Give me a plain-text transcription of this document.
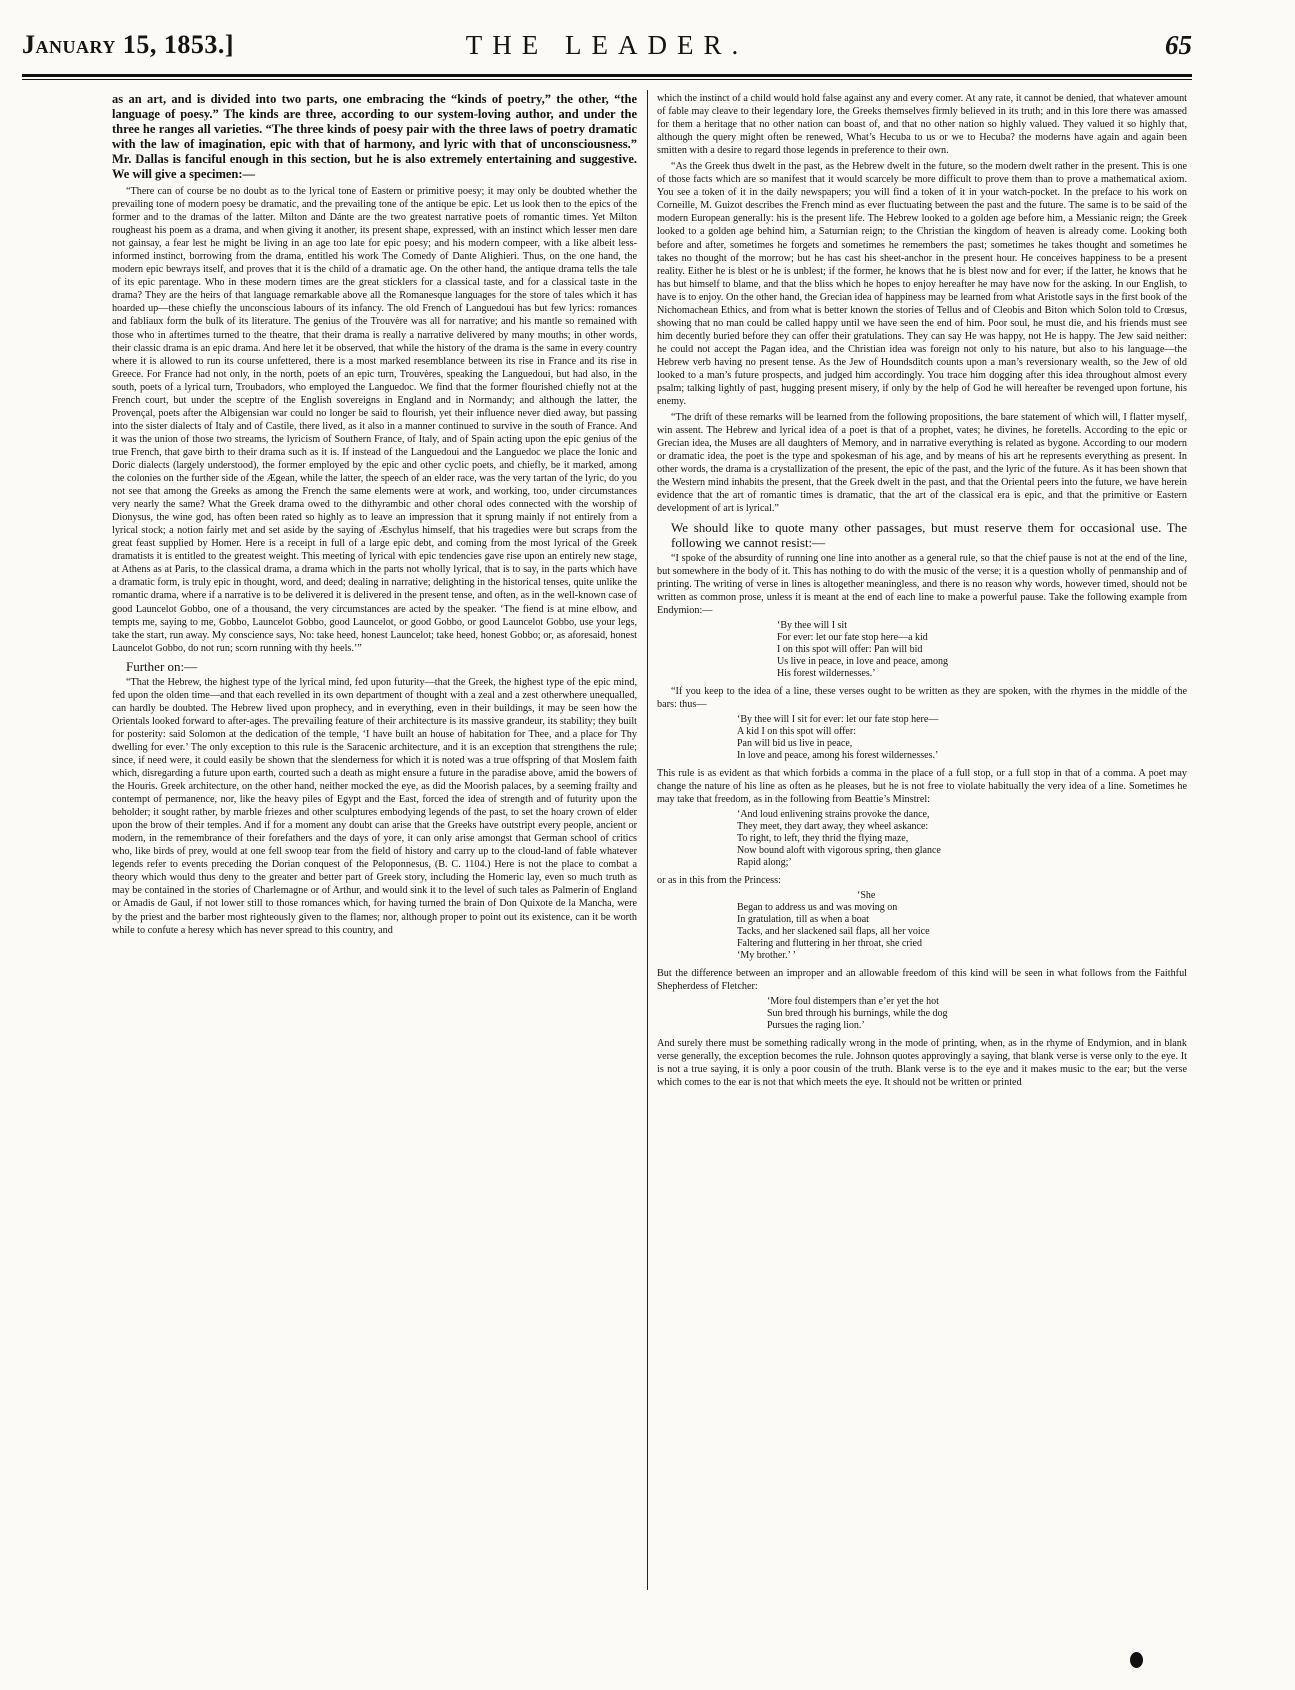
January 15, 1853.]	THE LEADER.	65

as an art, and is divided into two parts, one embracing the “kinds of poetry,” the other, “the language of poesy.” The kinds are three, according to our system-loving author, and under the three he ranges all varieties. “The three kinds of poesy pair with the three laws of poetry dramatic with the law of imagination, epic with that of harmony, and lyric with that of unconsciousness.” Mr. Dallas is fanciful enough in this section, but he is also extremely entertaining and suggestive. We will give a specimen:—

“There can of course be no doubt as to the lyrical tone of Eastern or primitive poesy; it may only be doubted whether the prevailing tone of modern poesy be dramatic, and the prevailing tone of the antique be epic. Let us look then to the epics of the former and to the dramas of the latter. Milton and Dánte are the two greatest narrative poets of romantic times. Yet Milton rougheast his poem as a drama, and when giving it another, its present shape, expressed, with an instinct which lesser men dare not gainsay, a fear lest he might be living in an age too late for epic poesy; and his modern compeer, with a like albeit less-informed instinct, borrowing from the drama, entitled his work The Comedy of Dante Alighieri. Thus, on the one hand, the modern epic bewrays itself, and proves that it is the child of a dramatic age. On the other hand, the antique drama tells the tale of its epic parentage. Who in these modern times are the great sticklers for a classical taste, and for a classical taste in the drama? They are the heirs of that language remarkable above all the Romanesque languages for the store of tales which it has hoarded up—these chiefly the unconscious labours of its infancy. The old French of Languedoui has but few lyrics: romances and fabliaux form the bulk of its literature. The genius of the Trouvère was all for narrative; and his mantle so remained with those who in aftertimes turned to the theatre, that their drama is really a narrative delivered by many mouths; in other words, their classic drama is an epic drama. And here let it be observed, that while the history of the drama is the same in every country where it is allowed to run its course unfettered, there is a most marked resemblance between its rise in France and its rise in Greece. For France had not only, in the north, poets of an epic turn, Trouvères, speaking the Languedoui, but had also, in the south, poets of a lyrical turn, Troubadors, who employed the Languedoc. We find that the former flourished chiefly not at the French court, but under the sceptre of the English sovereigns in England and in Normandy; and although the latter, the Provençal, poets after the Albigensian war could no longer be said to flourish, yet their influence never died away, but passing into the sister dialects of Italy and of Castile, there lived, as it also in a manner continued to survive in the south of France. And it was the union of those two streams, the lyricism of Southern France, of Italy, and of Spain acting upon the epic genius of the true French, that gave birth to their drama such as it is. If instead of the Languedoui and the Languedoc we place the Ionic and Doric dialects (largely understood), the former employed by the epic and other cyclic poets, and chiefly, be it marked, among the colonies on the further side of the Ægean, while the latter, the speech of an elder race, was the very tartan of the lyric, do you not see that among the Greeks as among the French the same elements were at work, and working, too, under circumstances very nearly the same? What the Greek drama owed to the dithyrambic and other choral odes connected with the worship of Dionysus, the wine god, has often been rated so highly as to leave an impression that it sprung mainly if not entirely from a lyrical stock; a notion fairly met and set aside by the saying of Æschylus himself, that his tragedies were but scraps from the great feast supplied by Homer. Here is a receipt in full of a large epic debt, and coming from the most lyrical of the Greek dramatists it is entitled to the greatest weight. This meeting of lyrical with epic tendencies gave rise upon an entirely new stage, at Athens as at Paris, to the classical drama, a drama which in the parts not wholly lyrical, that is to say, in the parts which have a dramatic form, is truly epic in thought, word, and deed; dealing in narrative; delighting in the historical tenses, quite unlike the romantic drama, where if a narrative is to be delivered it is delivered in the present tense, and often, as in the well-known case of good Launcelot Gobbo, one of a thousand, the very circumstances are acted by the speaker. ‘The fiend is at mine elbow, and tempts me, saying to me, Gobbo, Launcelot Gobbo, good Launcelot, or good Gobbo, or good Launcelot Gobbo, use your legs, take the start, run away. My conscience says, No: take heed, honest Launcelot; take heed, honest Gobbo; or, as aforesaid, honest Launcelot Gobbo, do not run; scorn running with thy heels.’”

Further on:—

“That the Hebrew, the highest type of the lyrical mind, fed upon futurity—that the Greek, the highest type of the epic mind, fed upon the olden time—and that each revelled in its own department of thought with a zeal and a zest otherwhere unequalled, can hardly be doubted. The Hebrew lived upon prophecy, and in everything, even in their buildings, it may be seen how the Orientals looked forward to after-ages. The prevailing feature of their architecture is its massive grandeur, its stability; they built for posterity: said Solomon at the dedication of the temple, ‘I have built an house of habitation for Thee, and a place for Thy dwelling for ever.’ The only exception to this rule is the Saracenic architecture, and it is an exception that strengthens the rule; since, if need were, it could easily be shown that the slenderness for which it is noted was a true offspring of that Moslem faith which, disregarding a future upon earth, courted such a death as might ensure a future in the paradise above, amid the bowers of the Houris. Greek architecture, on the other hand, neither mocked the eye, as did the Moorish palaces, by a seeming frailty and contempt of permanence, nor, like the heavy piles of Egypt and the East, forced the idea of strength and of futurity upon the beholder; it sought rather, by marble friezes and other sculptures embodying legends of the past, to set the hoary crown of elder upon the brow of their temples. And if for a moment any doubt can arise that the Greeks have outstript every people, ancient or modern, in the remembrance of their forefathers and the days of yore, it can only arise amongst that German school of critics who, like birds of prey, would at one fell swoop tear from the field of history and carry up to the cloud-land of fable whatever legends refer to events preceding the Dorian conquest of the Peloponnesus, (B. C. 1104.) Here is not the place to combat a theory which would thus deny to the greater and better part of Greek story, including the Homeric lay, even so much truth as may be contained in the stories of Charlemagne or of Arthur, and would sink it to the level of such tales as Palmerin of England or Amadis de Gaul, if not lower still to those romances which, for having turned the brain of Don Quixote de la Mancha, were by the priest and the barber most righteously given to the flames; nor, although proper to point out its existence, can it be worth while to confute a heresy which has never spread to this country, and

which the instinct of a child would hold false against any and every comer. At any rate, it cannot be denied, that whatever amount of fable may cleave to their legendary lore, the Greeks themselves firmly believed in its truth; and in this lore there was amassed for them a heritage that no other nation can boast of, and that no other nation so highly valued. They valued it so highly that, although the query might often be renewed, What’s Hecuba to us or we to Hecuba? the moderns have again and again been smitten with a desire to regard those legends in preference to their own.

“As the Greek thus dwelt in the past, as the Hebrew dwelt in the future, so the modern dwelt rather in the present. This is one of those facts which are so manifest that it would scarcely be more difficult to prove them than to prove a mathematical axiom. You see a token of it in the daily newspapers; you will find a token of it in your watch-pocket. In the preface to his work on Corneille, M. Guizot describes the French mind as ever fluctuating between the past and the future. The same is to be said of the modern European generally: his is the present life. The Hebrew looked to a golden age before him, a Messianic reign; the Greek looked to a golden age behind him, a Saturnian reign; to the Christian the kingdom of heaven is already come. Looking both before and after, sometimes he forgets and sometimes he remembers the past; sometimes he takes thought and sometimes he takes no thought of the morrow; but he has cast his sheet-anchor in the present hour. He conceives happiness to be a present reality. Either he is blest or he is unblest; if the former, he knows that he is blest now and for ever; if the latter, he knows that he has but himself to blame, and that the bliss which he hopes to enjoy hereafter he may have now for the asking. In our English, to have is to enjoy. On the other hand, the Grecian idea of happiness may be learned from what Aristotle says in the first book of the Nichomachean Ethics, and from what is better known the stories of Tellus and of Cleobis and Biton which Solon told to Crœsus, showing that no man could be called happy until we have seen the end of him. Poor soul, he must die, and his friends must see him decently buried before they can offer their gratulations. They can say He was happy, not He is happy. The Jew said neither: he could not accept the Pagan idea, and the Christian idea was foreign not only to his nature, but also to his language—the Hebrew verb having no present tense. As the Jew of Houndsditch counts upon a man’s reversionary wealth, so the Jew of old looked to a man’s future prospects, and judged him accordingly. You trace him dogging after this idea throughout almost every psalm; talking lightly of past, hugging present misery, if only by the help of God he will hereafter be revenged upon fortune, his enemy.

“The drift of these remarks will be learned from the following propositions, the bare statement of which will, I flatter myself, win assent. The Hebrew and lyrical idea of a poet is that of a prophet, vates; he divines, he foretells. According to the epic or Grecian idea, the Muses are all daughters of Memory, and in narrative everything is related as bygone. According to our modern or dramatic idea, the poet is the type and spokesman of his age, and by means of his art he represents everything as present. In other words, the drama is a crystallization of the present, the epic of the past, and the lyric of the future. As it has been shown that the Western mind inhabits the present, that the Greek dwelt in the past, and that the Oriental peers into the future, we have herein evidence that the art of romantic times is dramatic, that the art of the classical era is epic, and that the primitive or Eastern development of art is lyrical.”

We should like to quote many other passages, but must reserve them for occasional use. The following we cannot resist:—

“I spoke of the absurdity of running one line into another as a general rule, so that the chief pause is not at the end of the line, but somewhere in the body of it. This has nothing to do with the music of the verse; it is a question wholly of penmanship and of printing. The writing of verse in lines is altogether meaningless, and there is no reason why words, however timed, should not be written as common prose, unless it is meant at the end of each line to make a powerful pause. Take the following example from Endymion:—

‘By thee will I sit
For ever: let our fate stop here—a kid
I on this spot will offer: Pan will bid
Us live in peace, in love and peace, among
His forest wildernesses.’

“If you keep to the idea of a line, these verses ought to be written as they are spoken, with the rhymes in the middle of the bars: thus—

‘By thee will I sit for ever: let our fate stop here—
A kid I on this spot will offer:
Pan will bid us live in peace,
In love and peace, among his forest wildernesses.’

This rule is as evident as that which forbids a comma in the place of a full stop, or a full stop in that of a comma. A poet may change the nature of his line as often as he pleases, but he is not free to violate habitually the very idea of a line. Sometimes he may take that freedom, as in the following from Beattie’s Minstrel:

‘And loud enlivening strains provoke the dance,
They meet, they dart away, they wheel askance:
To right, to left, they thrid the flying maze,
Now bound aloft with vigorous spring, then glance
Rapid along;’

or as in this from the Princess:

‘She
Began to address us and was moving on
In gratulation, till as when a boat
Tacks, and her slackened sail flaps, all her voice
Faltering and fluttering in her throat, she cried
‘My brother.’ ’

But the difference between an improper and an allowable freedom of this kind will be seen in what follows from the Faithful Shepherdess of Fletcher:

‘More foul distempers than e’er yet the hot
Sun bred through his burnings, while the dog
Pursues the raging lion.’

And surely there must be something radically wrong in the mode of printing, when, as in the rhyme of Endymion, and in blank verse generally, the exception becomes the rule. Johnson quotes approvingly a saying, that blank verse is verse only to the eye. It is not a true saying, it is only a poor cousin of the truth. Blank verse is to the eye and it makes music to the ear; but the verse which comes to the ear is not that which meets the eye. It should not be written or printed
